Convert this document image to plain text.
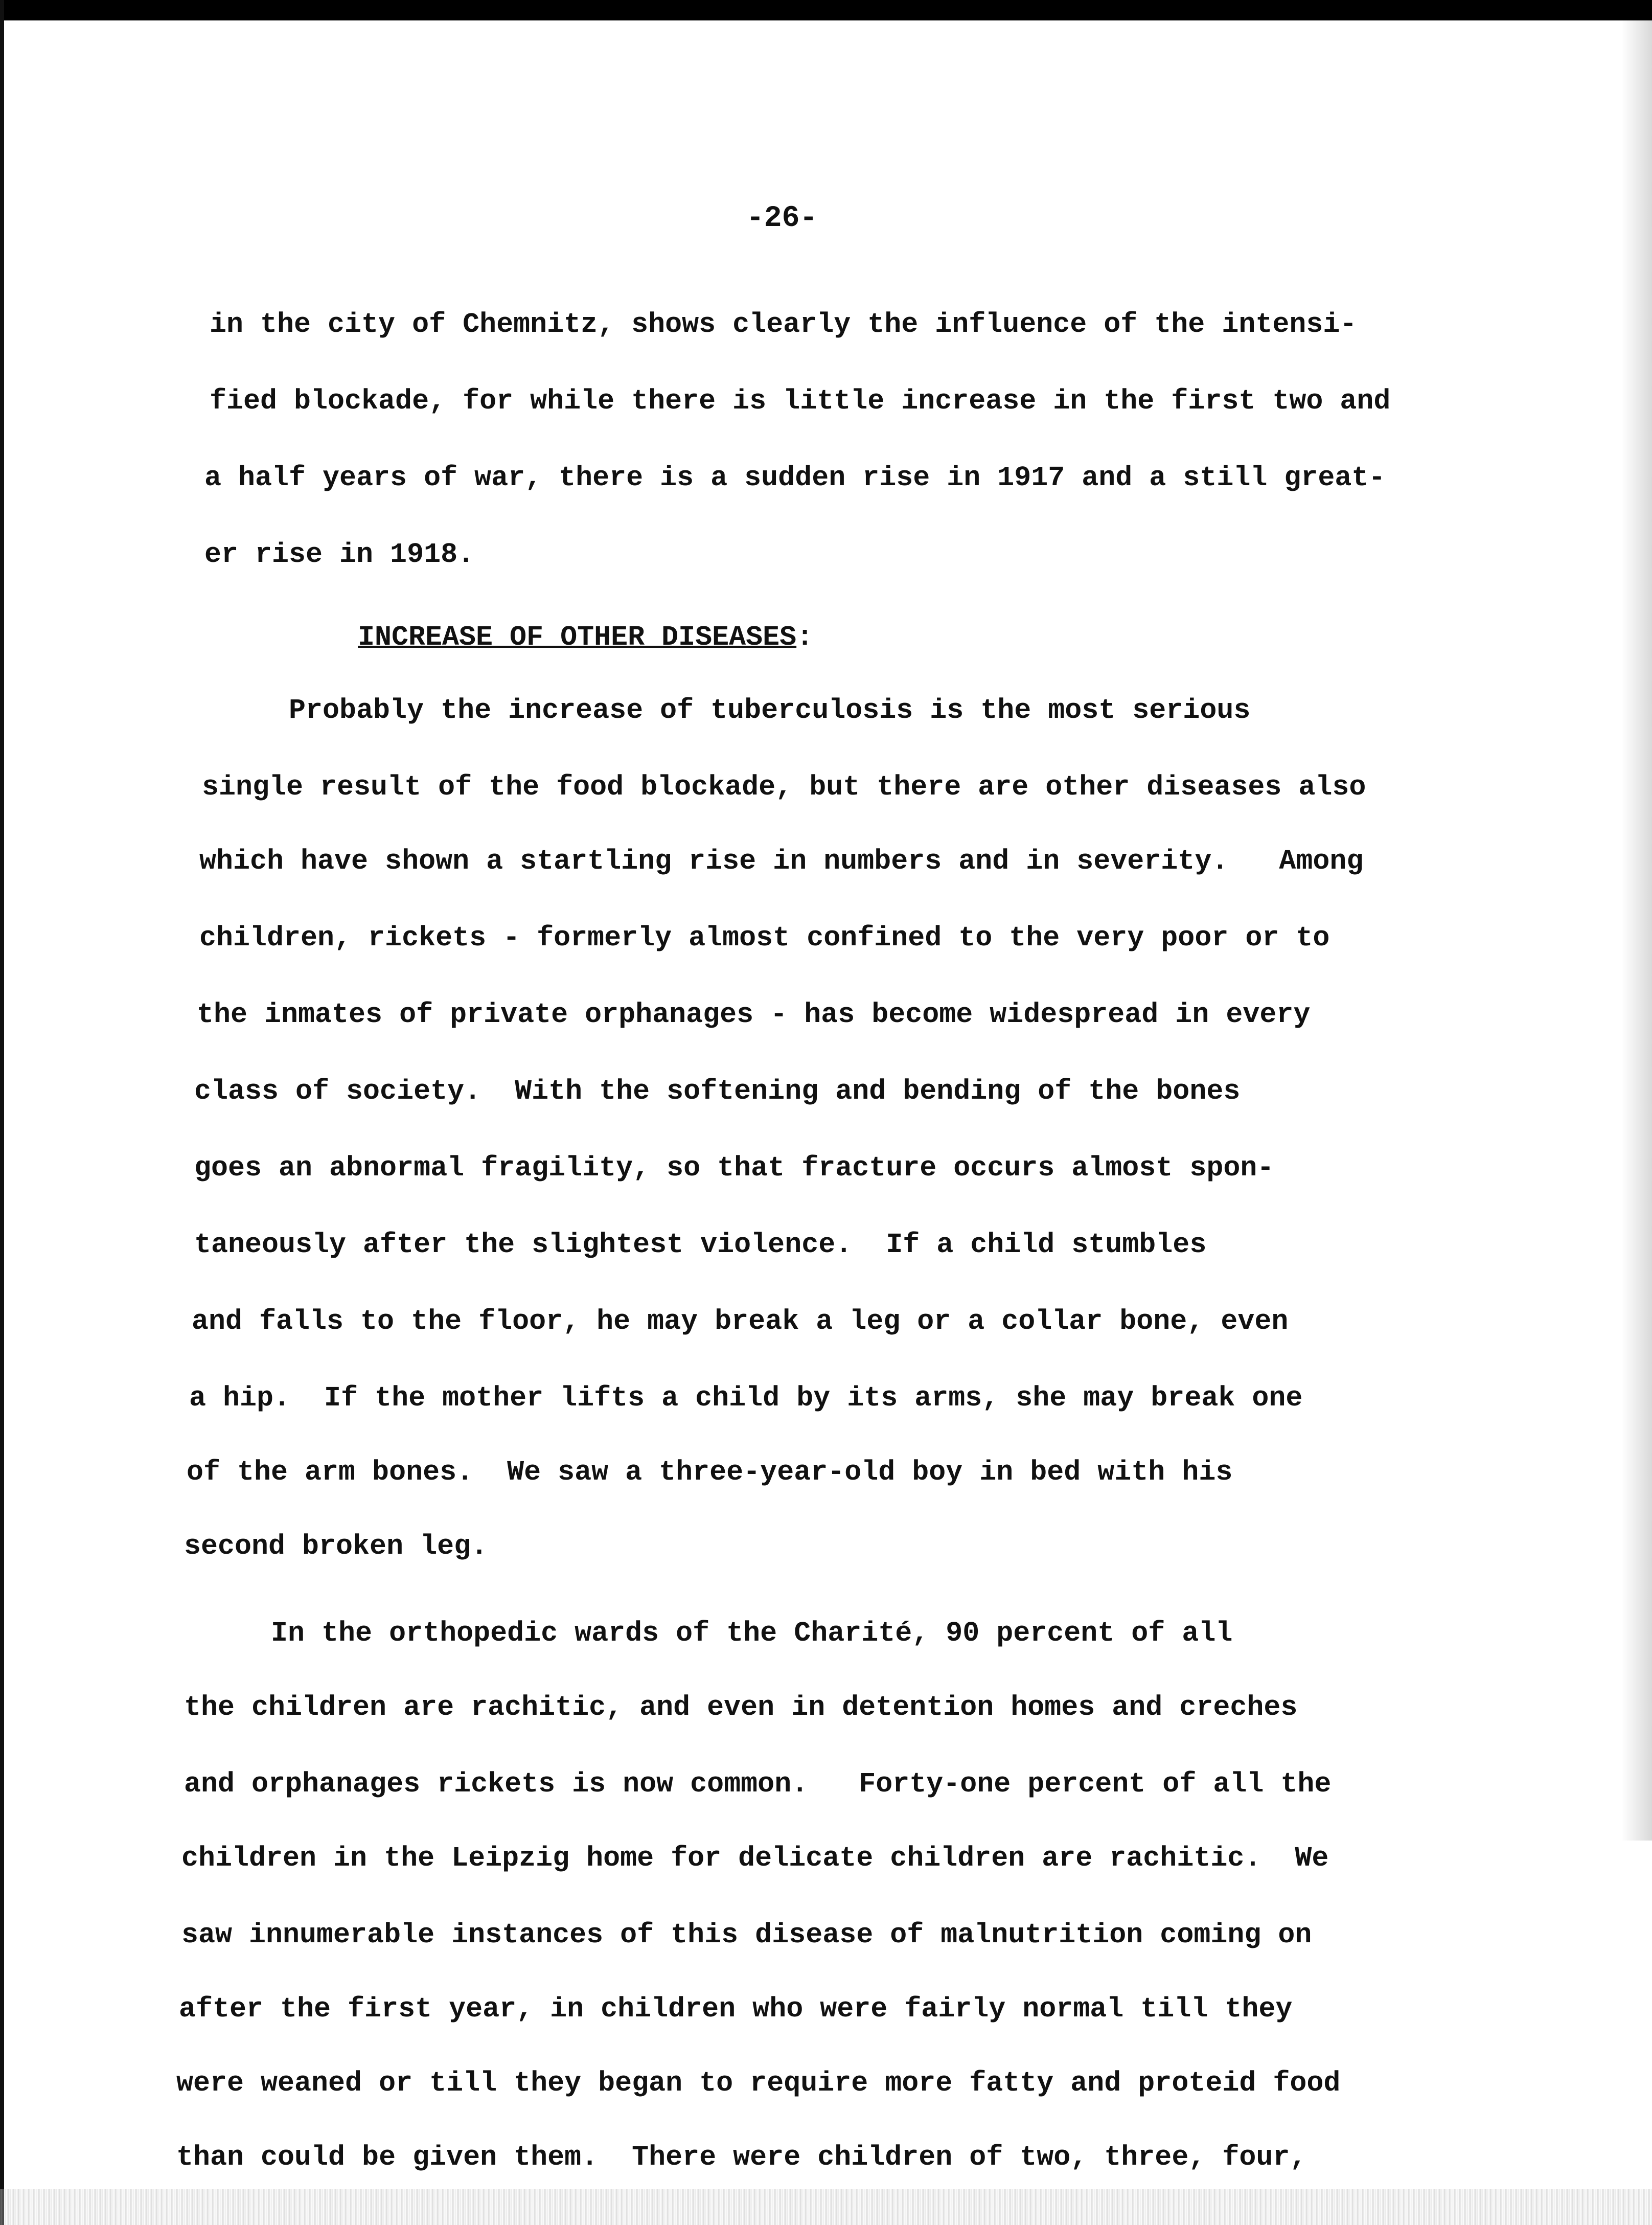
-26-
in the city of Chemnitz, shows clearly the influence of the intensi-
fied blockade, for while there is little increase in the first two and
a half years of war, there is a sudden rise in 1917 and a still great-
er rise in 1918.
INCREASE OF OTHER DISEASES:
Probably the increase of tuberculosis is the most serious
single result of the food blockade, but there are other diseases also
which have shown a startling rise in numbers and in severity.   Among
children, rickets - formerly almost confined to the very poor or to
the inmates of private orphanages - has become widespread in every
class of society.  With the softening and bending of the bones
goes an abnormal fragility, so that fracture occurs almost spon-
taneously after the slightest violence.  If a child stumbles
and falls to the floor, he may break a leg or a collar bone, even
a hip.  If the mother lifts a child by its arms, she may break one
of the arm bones.  We saw a three-year-old boy in bed with his
second broken leg.
In the orthopedic wards of the Charité, 90 percent of all
the children are rachitic, and even in detention homes and creches
and orphanages rickets is now common.   Forty-one percent of all the
children in the Leipzig home for delicate children are rachitic.  We
saw innumerable instances of this disease of malnutrition coming on
after the first year, in children who were fairly normal till they
were weaned or till they began to require more fatty and proteid food
than could be given them.  There were children of two, three, four,
